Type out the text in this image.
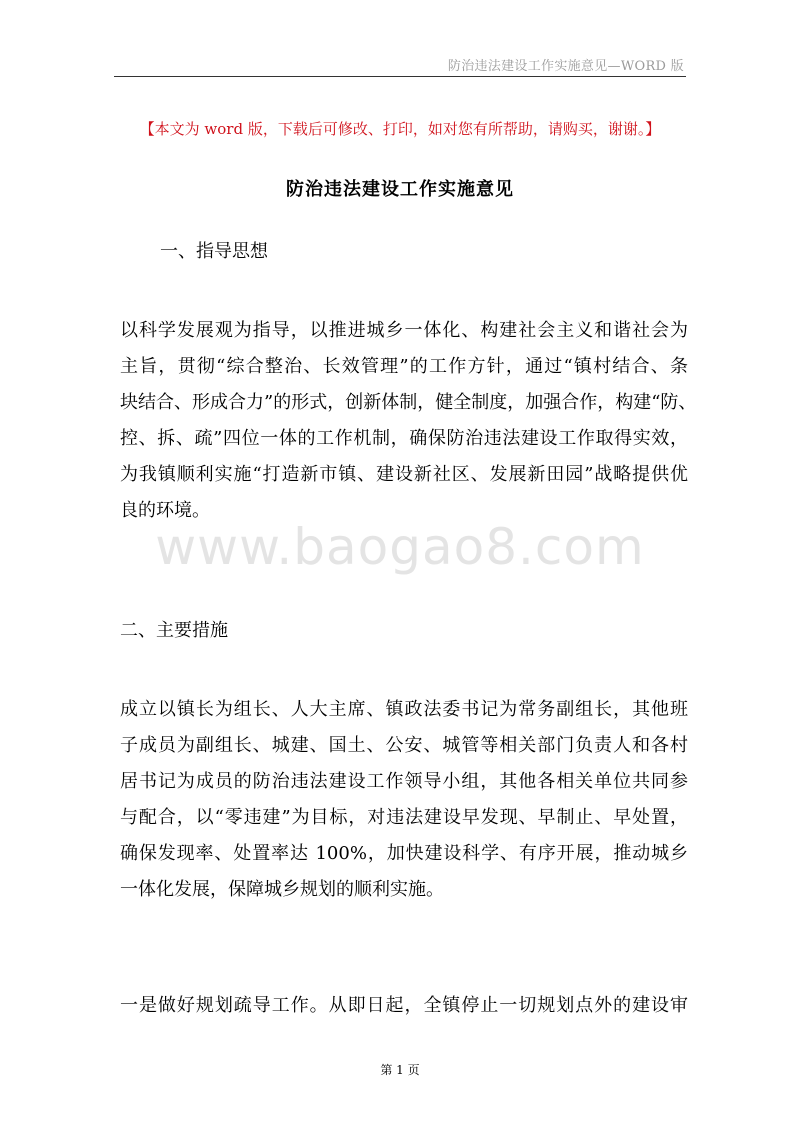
防治违法建设工作实施意见—WORD 版
【本文为 word 版，下载后可修改、打印，如对您有所帮助，请购买，谢谢。】
防治违法建设工作实施意见
一、指导思想
以科学发展观为指导，以推进城乡一体化、构建社会主义和谐社会为
主旨，贯彻“综合整治、长效管理”的工作方针，通过“镇村结合、条
块结合、形成合力”的形式，创新体制，健全制度，加强合作，构建“防、
控、拆、疏”四位一体的工作机制，确保防治违法建设工作取得实效，
为我镇顺利实施“打造新市镇、建设新社区、发展新田园”战略提供优
良的环境。
二、主要措施
成立以镇长为组长、人大主席、镇政法委书记为常务副组长，其他班
子成员为副组长、城建、国土、公安、城管等相关部门负责人和各村
居书记为成员的防治违法建设工作领导小组，其他各相关单位共同参
与配合，以“零违建”为目标，对违法建设早发现、早制止、早处置，
确保发现率、处置率达 100%，加快建设科学、有序开展，推动城乡
一体化发展，保障城乡规划的顺利实施。
一是做好规划疏导工作。从即日起，全镇停止一切规划点外的建设审
www.baogao8.com
第 1 页
